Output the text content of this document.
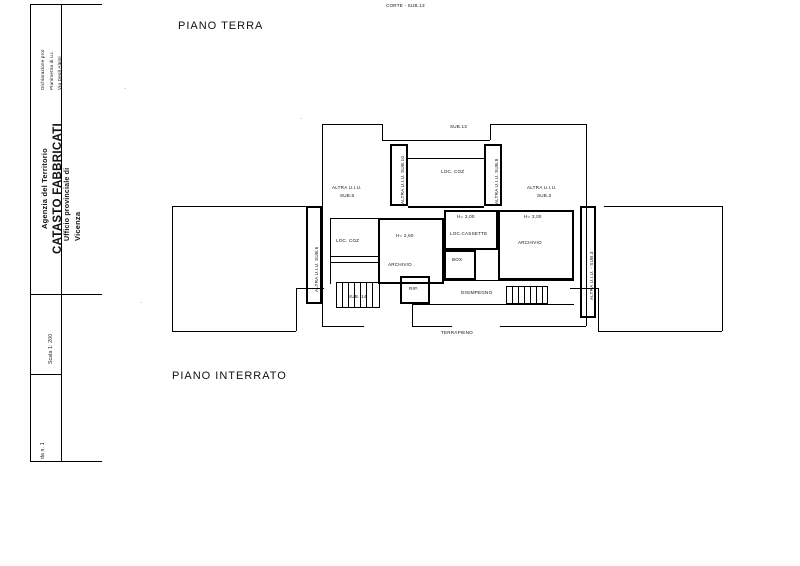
Dichiarazione prot Planimetria di u.i. Via Degli Alpini
Agenzia del Territorio CATASTO FABBRICATI Ufficio provinciale di Vicenza
Scala 1: 200
da n. 1
CORTE - SUB.13
PIANO TERRA
PIANO INTERRATO
SUB.13
LOC. COZ
ALTRA U.I.U.
SUB.6
ALTRA U.I.U.
SUB.3
ALTRA U.I.U. SUB.10	ALTRA U.I.U. SUB.8
ALTRA U.I.U. SUB.6	ALTRA U.I.U. - SUB.3
H= 3,00	H= 3,00
H= 2,60
LOC. COZ
LOC.CASSETTE
ARCHIVIO
ARCHIVIO
BOX
RIP.
DISIMPEGNO
SUB. 14
TERRAPIENO
·
·
·
